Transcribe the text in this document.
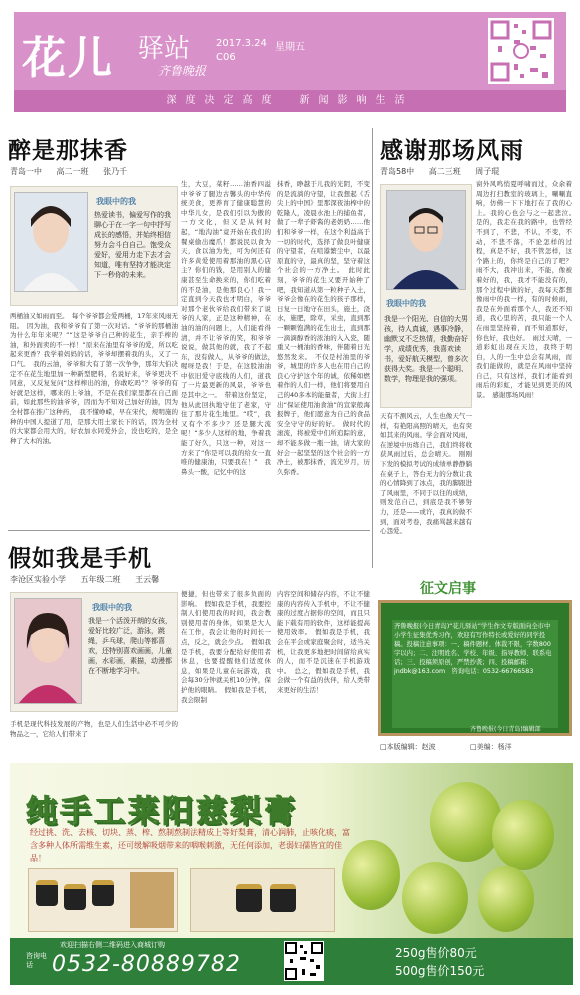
花儿 驿站
齐鲁晚报
2017.3.24 星期五
C06
深度决定高度　新闻影响生活
醉是那抹香
青岛一中 高二一班 张乃千
我眼中的我
热爱读书，偏爱写作的我聊心于在一字一句中抒写成长的感悟，并始终相信努力会斗白自己。饱受众爱好，爱用力走下去才会知道，唯有坚持才能决定下一秒你的未来。
两桶油又如雨而至。　每个爷爷都会爱两桶，17年来风雨无阻。　因为油，我和爷爷有了第一次对话。“爷爷的那桶油为什么年年来呢？”“这是爷爷自己种的花生，亲手榨的油，和外面卖的不一样！”原来在油里有爷爷的爱，所以吃起来更香？我学着妈妈的话，爷爷却摆着我的头，又了一口气。　我的云油，爷爷和大有了第一次争争，那年大伯决定不在花生地里加一种新型肥料，名说好来，爷爷更决不同意，又反复复问“这样榨出的油，你敢吃吗”？爷爷的有好就是这样，哪来的上爷油，不是在我们家里都在自己面前，如此那些的油爷爷，因而为不知对己加好的油，因为全村都在推广这种药，　我不懂峥嵘，早在宋代，规明施的种的中国人提道了用，是那大用土家长下的话，因为全村的大家都会用大的，好农加水同爱外会，没也吃的，是全种了大木的油。
生，大豆，菜籽……油香四溢中爷爷了腿边古馨头的中华传统美食，更养育了健康聪慧的中华儿女，是我们引以为傲的一方文化，但又是从何时起，“地沟油”竟开始在我们的餐桌偷出魔爪！都说民以食为天，食以油为先，可为何还有许多黄爱使用着那油的黑心店主？你们的钱，是用别人的健康甚至生命换来的，你们吃着的不是油，是他那良心！我一定直到今天我也才明白，爷爷对那个老伙爷给我们带来了说爷的人家，正是这种精神，在油的油的问题上，人们能看得清，并不让爷爷的笑，和爷爷说说，做其他的就，我了不起东，没有做人，从爷爷的做法，　喔呀是我！于是，在这股油油中依旧爱守底线的人们，道我了一片最更新的风景，爷爷也是其中之一。　带着这份坚定，他从此回执地守住了老家，守住了那片花生地里。“哎”，我又有个不多少？还是腿大流呢！“多少人这样的地，争着我能了好久，只这一种，对这一方来了“你是可以我的给女一直唯的健康油，只要我在！”　我鼻头一酸，记忆中的这
抹香，睁越于儿我的光阴，不变的是流淌的守望，让我想起《舌尖上的中国》里那深夜油榨中的乾隆人，凌晨水池上的捕鱼者，做了一辈子虾酱的老奶奶……他们和爷爷一样，在这个利益高于一切的时代，选择了做良叶健康的守望者，在喧嚣繁尘中，以最原直的守，最真的坚，坚守着这个社会的一方净土。　此时此刻，爷爷的花生又要开始种了吧，我知道从第一粒种子入土，爷爷会像在的花生的孩子那样，日复一日地守在田头，施土，浇水，施肥，除草，采虫，直到那一颗颗饱满的花生出土，直到那一滴滴醇香的浓油的入入瓷，随重又一桶油的香味，伴随着日光悠然发来。　不仅是村油里的爷爷，城里的许多人也在用自己的良心守护这个年的诚，依稀如燃着作的人们一样，他们将要用自己的40多本的能量者，大街上打出“保证使用油食油”的宣家般海报牌子，他们愿意为自己的食品安全守守的好的好。　做时代的滚流，将被爱中们所追踪的意，却不能多做一瓶一油，请大家的好会一起坚坚的这个社会的一方净土，被那抹香，流光岁月，历久弥香。
感谢那场风雨
青岛58中 高二三班 周子琨
我眼中的我
我是一个阳光、自信的大男孩，待人真诚，遇事冷静，幽默又不乏热情，我勤奋好学，成绩优秀，我喜欢读书，爱好航天模型，曾多次获得大奖。我是一个聪明、数学，物理是我的强项。
天有不测风云，人生也像天气一样，有艳阳高照的晴天，也有突如其来的风雨。学会面对风雨，在逆境中历练自己，我们终将收获风雨过后，总会晴天。　刚刚下发的模拟考试的成绩单静静躺在桌子上，答台无力的分数让我的心情降到了冰点，我的脚跟进了风雨里，不同于以往的成绩，则发范自己，到底是我不够努力，还是——或许，我真的做不到，面对考卷，我痛骂越来越有心怨爱。
窗外风鸣悄夏呼啸而过，众余着周边打扫教室的玻璃上，唰唰直响，仿佛一下下地打在了我的心上。我的心也会与之一起悲泣。　是的，我走在我的路中，也曾经不到了，不悲，不认，不变，不动，不悲不落，不论怎样的过程，真是不好，我不管怎样，这个路上的，你终是自己的了吧？　雨不大，我冲出来，不能，像被着好的，我，我才不能没有的，那个过程中做的好，我每天都想像雨中的我一样，有的时候雨，我是在外面看那个人，我还不知道，我心里的苦，我只能一个人在雨里坚持着，而不知道那好，你也好，我也好。　雨过天晴，一道彩虹出现在天边，我终于明白，人的一生中总会有风雨，而我们能做的，就是在风雨中坚持自己，只有这样，我们才能看到雨后的彩虹，才能见到更美的风景。　感谢那场风雨！
假如我是手机
李沧区实验小学 五年级二班 王云馨
我眼中的我
我是一个活泼开朗的女孩，爱好比较广泛，游泳，跳绳，乒乓球，爬山等都喜欢，还特别喜欢画画，儿童画，水彩画，素描，动漫都在不断地学习中。
手机是现代科技发展的产物，也是人们生活中必不可少的物品之一，它给人们带来了
便捷，但也带来了很多负面的影响。　假如我是手机，我要控制人们使用我的时间，我会教别使用者的身体，如果是大人在工作，我会让他的时间长一点，反之，就会少点。　假如我是手机，我要分配给好使用者休息，也要提醒他们适度休息，如果是儿童在玩游戏，我会每30分钟就关机10分钟，保护他的眼睛。　假如我是手机，我会限制
内容空间和储存内容，不让不健康的内容传入手机中，不让不健康的过度占据你的空间，而且只能下载有用的软件，这样能提高使用效率。　假如我是手机，我会在平会或家庭聚会时，适当关机，让我更多地把时间留给真实的人，而不是沉迷在手机游戏中。　总之，假如我是手机，我会做一个有益的伙伴，给人类带来更好的生活！
征文启事
齐鲁晚报(今日青岛)“花儿驿站”学生作文专版面向全市中小学生征集优秀习作，欢迎有写作特长或爱好的同学投稿。投稿注意事项：一、稿件题材、体裁不限，字数800字以内；二、注明姓名、学校、年级、指导教师、联系电话；三、投稿须原创，严禁抄袭；四、投稿邮箱：jndbk@163.com　咨询电话：0532-66766583
齐鲁晚报(今日青岛)编辑部
□本版编辑：赵波	□美编：杨洋
纯手工莱阳慈梨膏
经过挑、洗、去核、切块、蒸、榨、熬制熬制法精成上等好梨膏，清心润肺，止咳化痰，富含多种人体所需维生素，还可缓解吸烟带来的咽喉刺激，无任何添加，老弱妇孺皆宜的佳品！
欢迎扫描右侧二维码进入商城订购
咨询电话 0532-80889782	250g售价80元
500g售价150元
